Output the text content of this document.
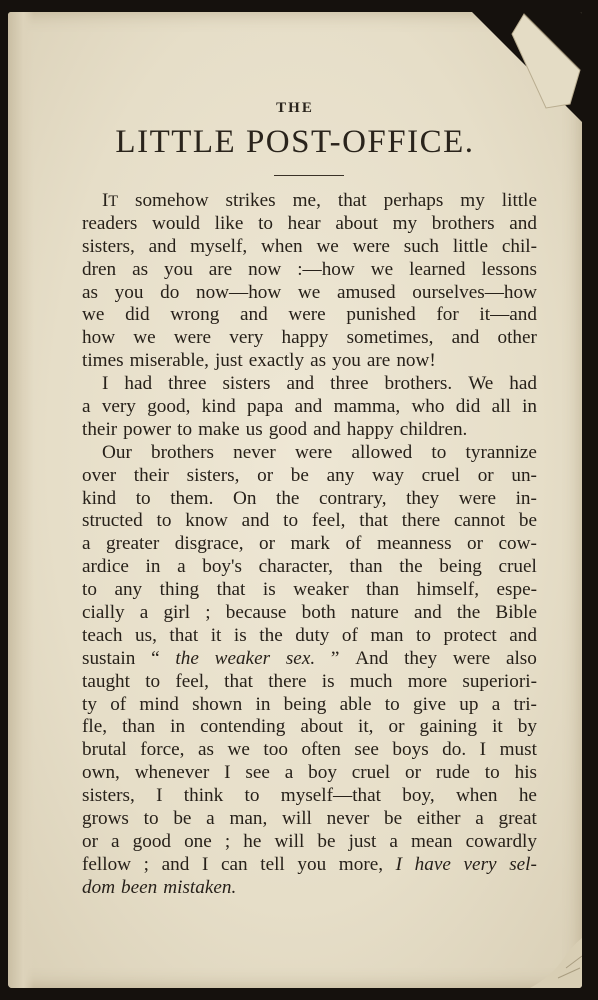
THE
LITTLE POST-OFFICE.
IT somehow strikes me, that perhaps my little
readers would like to hear about my brothers and
sisters, and myself, when we were such little chil-
dren as you are now :—how we learned lessons
as you do now—how we amused ourselves—how
we did wrong and were punished for it—and
how we were very happy sometimes, and other
times miserable, just exactly as you are now!
I had three sisters and three brothers. We had
a very good, kind papa and mamma, who did all in
their power to make us good and happy children.
Our brothers never were allowed to tyrannize
over their sisters, or be any way cruel or un-
kind to them. On the contrary, they were in-
structed to know and to feel, that there cannot be
a greater disgrace, or mark of meanness or cow-
ardice in a boy's character, than the being cruel
to any thing that is weaker than himself, espe-
cially a girl ; because both nature and the Bible
teach us, that it is the duty of man to protect and
sustain “ the weaker sex. ” And they were also
taught to feel, that there is much more superiori-
ty of mind shown in being able to give up a tri-
fle, than in contending about it, or gaining it by
brutal force, as we too often see boys do. I must
own, whenever I see a boy cruel or rude to his
sisters, I think to myself—that boy, when he
grows to be a man, will never be either a great
or a good one ; he will be just a mean cowardly
fellow ; and I can tell you more, I have very sel-
dom been mistaken.
